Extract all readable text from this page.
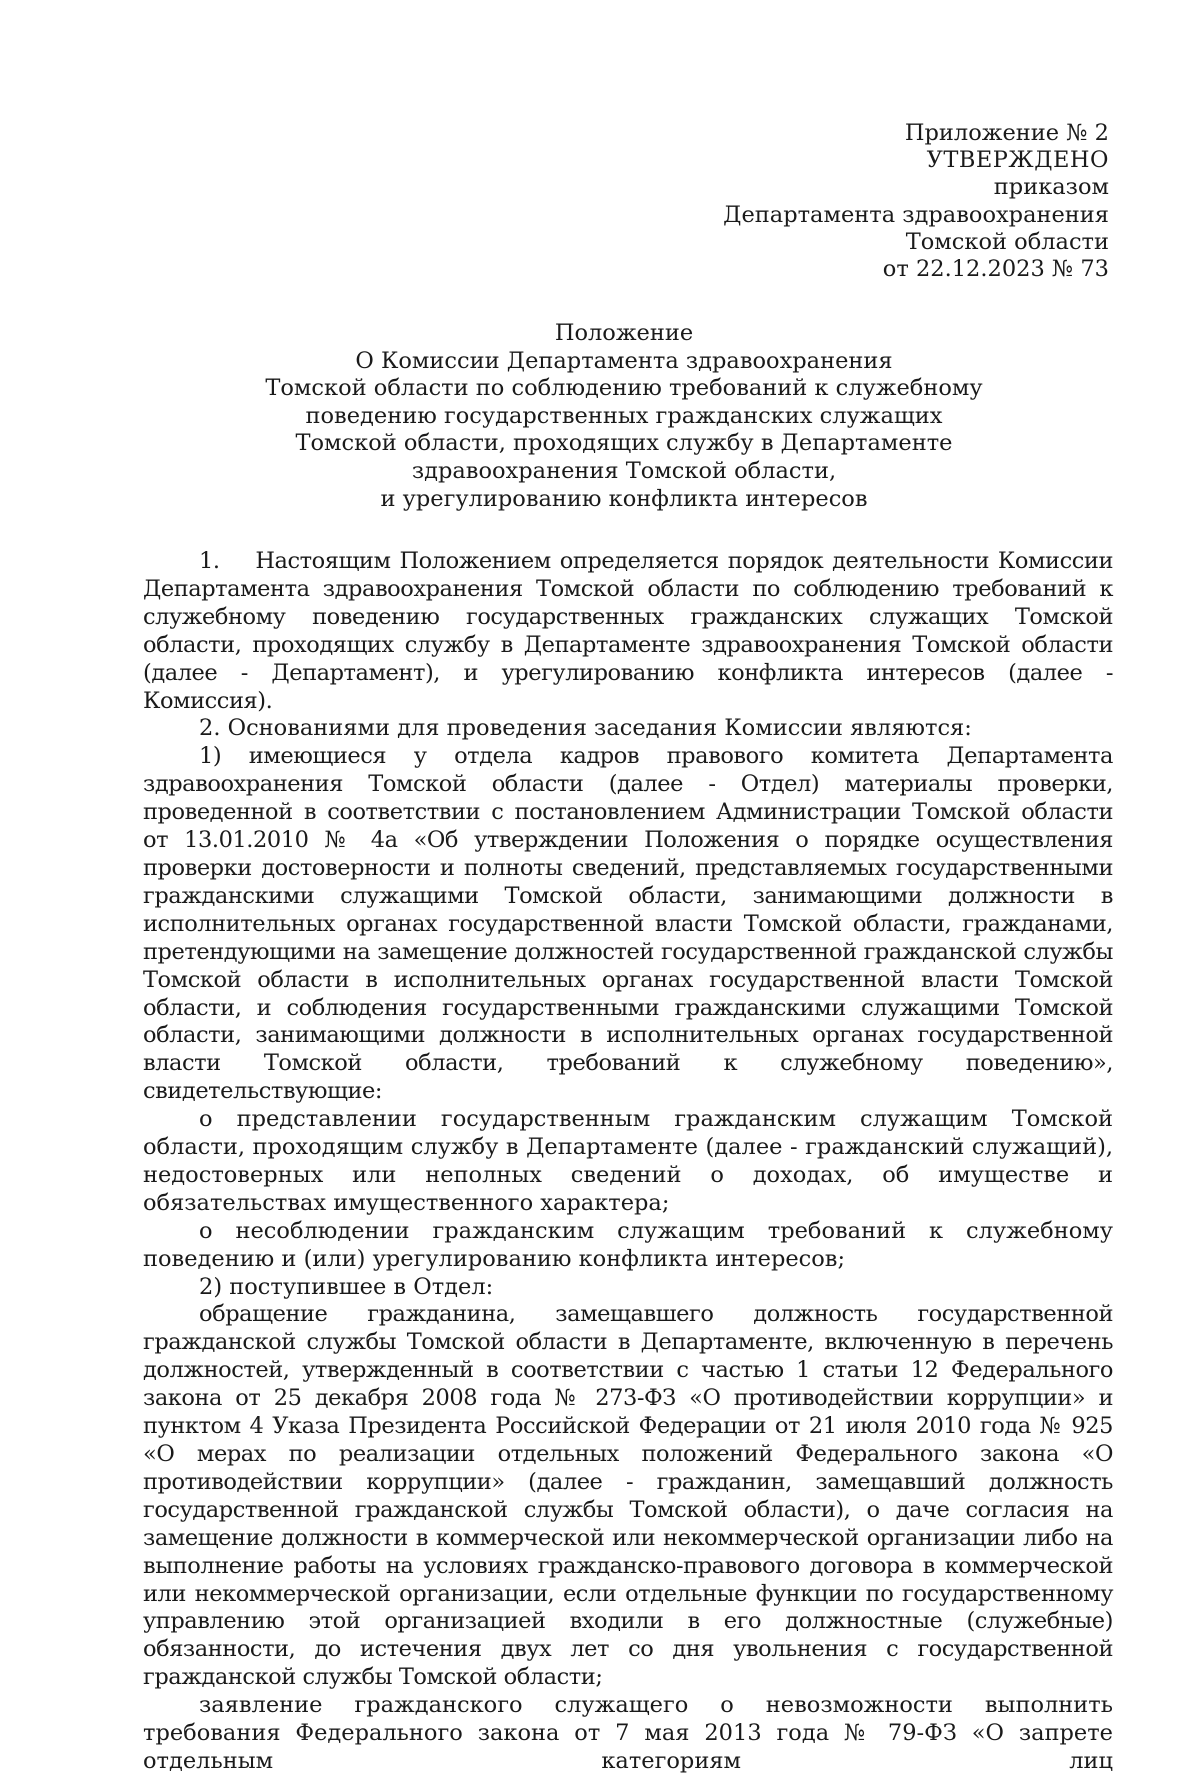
Приложение № 2
УТВЕРЖДЕНО
приказом
Департамента здравоохранения
Томской области
от 22.12.2023 № 73
Положение
О Комиссии Департамента здравоохранения
Томской области по соблюдению требований к служебному
поведению государственных гражданских служащих
Томской области, проходящих службу в Департаменте
здравоохранения Томской области,
и урегулированию конфликта интересов

1.    Настоящим Положением определяется порядок деятельности Комиссии Департамента здравоохранения Томской области по соблюдению требований к служебному поведению государственных гражданских служащих Томской области, проходящих службу в Департаменте здравоохранения Томской области (далее - Департамент), и урегулированию конфликта интересов (далее - Комиссия).

2. Основаниями для проведения заседания Комиссии являются:

1) имеющиеся у отдела кадров правового комитета Департамента здравоохранения Томской области (далее - Отдел) материалы проверки, проведенной в соответствии с постановлением Администрации Томской области от 13.01.2010 № 4а «Об утверждении Положения о порядке осуществления проверки достоверности и полноты сведений, представляемых государственными гражданскими служащими Томской области, занимающими должности в исполнительных органах государственной власти Томской области, гражданами, претендующими на замещение должностей государственной гражданской службы Томской области в исполнительных органах государственной власти Томской области, и соблюдения государственными гражданскими служащими Томской области, занимающими должности в исполнительных органах государственной власти Томской области, требований к служебному поведению», свидетельствующие:

о представлении государственным гражданским служащим Томской области, проходящим службу в Департаменте (далее - гражданский служащий), недостоверных или неполных сведений о доходах, об имуществе и обязательствах имущественного характера;

о несоблюдении гражданским служащим требований к служебному поведению и (или) урегулированию конфликта интересов;

2) поступившее в Отдел:

обращение гражданина, замещавшего должность государственной гражданской службы Томской области в Департаменте, включенную в перечень должностей, утвержденный в соответствии с частью 1 статьи 12 Федерального закона от 25 декабря 2008 года № 273-ФЗ «О противодействии коррупции» и пунктом 4 Указа Президента Российской Федерации от 21 июля 2010 года № 925 «О мерах по реализации отдельных положений Федерального закона «О противодействии коррупции» (далее - гражданин, замещавший должность государственной гражданской службы Томской области), о даче согласия на замещение должности в коммерческой или некоммерческой организации либо на выполнение работы на условиях гражданско-правового договора в коммерческой или некоммерческой организации, если отдельные функции по государственному управлению этой организацией входили в его должностные (служебные) обязанности, до истечения двух лет со дня увольнения с государственной гражданской службы Томской области;

заявление гражданского служащего о невозможности выполнить требования Федерального закона от 7 мая 2013 года № 79-ФЗ «О запрете отдельным категориям лиц
